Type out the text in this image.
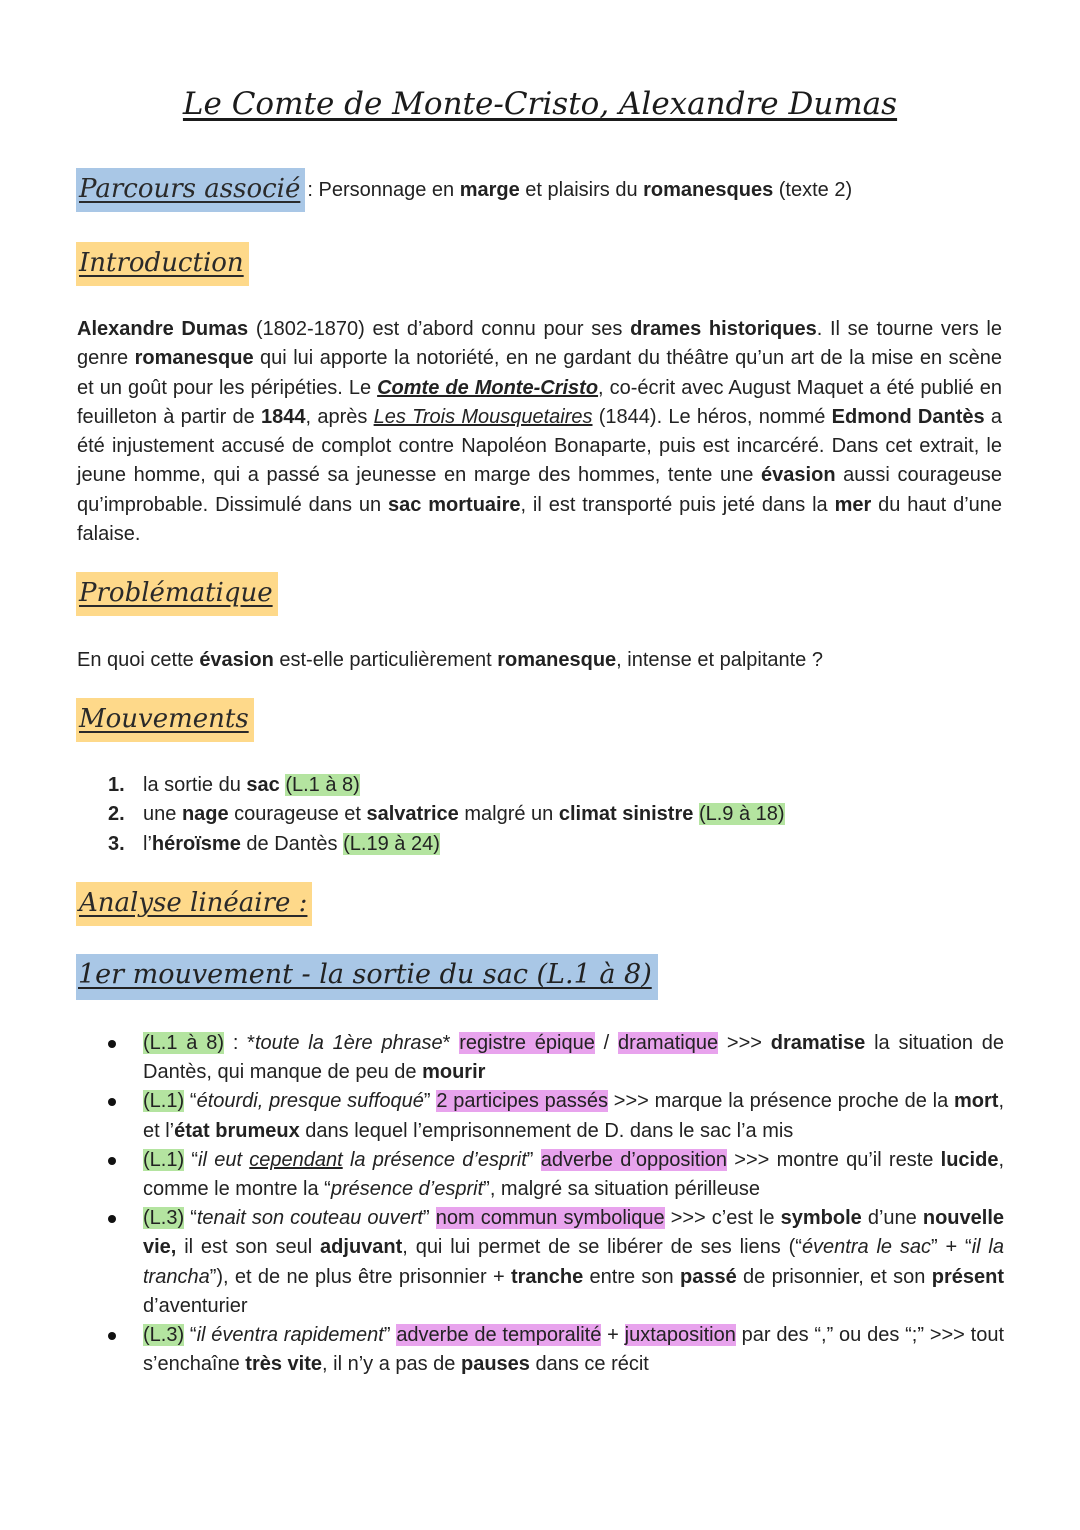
Le Comte de Monte-Cristo, Alexandre Dumas
Parcours associé : Personnage en marge et plaisirs du romanesques (texte 2)
Introduction
Alexandre Dumas (1802-1870) est d’abord connu pour ses drames historiques. Il se tourne vers le genre romanesque qui lui apporte la notoriété, en ne gardant du théâtre qu’un art de la mise en scène et un goût pour les péripéties. Le Comte de Monte-Cristo, co-écrit avec August Maquet a été publié en feuilleton à partir de 1844, après Les Trois Mousquetaires (1844). Le héros, nommé Edmond Dantès a été injustement accusé de complot contre Napoléon Bonaparte, puis est incarcéré. Dans cet extrait, le jeune homme, qui a passé sa jeunesse en marge des hommes, tente une évasion aussi courageuse qu’improbable. Dissimulé dans un sac mortuaire, il est transporté puis jeté dans la mer du haut d’une falaise.
Problématique
En quoi cette évasion est-elle particulièrement romanesque, intense et palpitante ?
Mouvements
1. la sortie du sac (L.1 à 8)
2. une nage courageuse et salvatrice malgré un climat sinistre (L.9 à 18)
3. l’héroïsme de Dantès (L.19 à 24)
Analyse linéaire :
1er mouvement - la sortie du sac (L.1 à 8)
(L.1 à 8) : *toute la 1ère phrase* registre épique / dramatique >>> dramatise la situation de Dantès, qui manque de peu de mourir
(L.1) “étourdi, presque suffoqué” 2 participes passés >>> marque la présence proche de la mort, et l’état brumeux dans lequel l’emprisonnement de D. dans le sac l’a mis
(L.1) “il eut cependant la présence d’esprit” adverbe d’opposition >>> montre qu’il reste lucide, comme le montre la “présence d’esprit”, malgré sa situation périlleuse
(L.3) “tenait son couteau ouvert” nom commun symbolique >>> c’est le symbole d’une nouvelle vie, il est son seul adjuvant, qui lui permet de se libérer de ses liens (“éventra le sac” + “il la trancha”), et de ne plus être prisonnier + tranche entre son passé de prisonnier, et son présent d’aventurier
(L.3) “il éventra rapidement” adverbe de temporalité + juxtaposition par des “,” ou des “;” >>> tout s’enchaîne très vite, il n’y a pas de pauses dans ce récit
